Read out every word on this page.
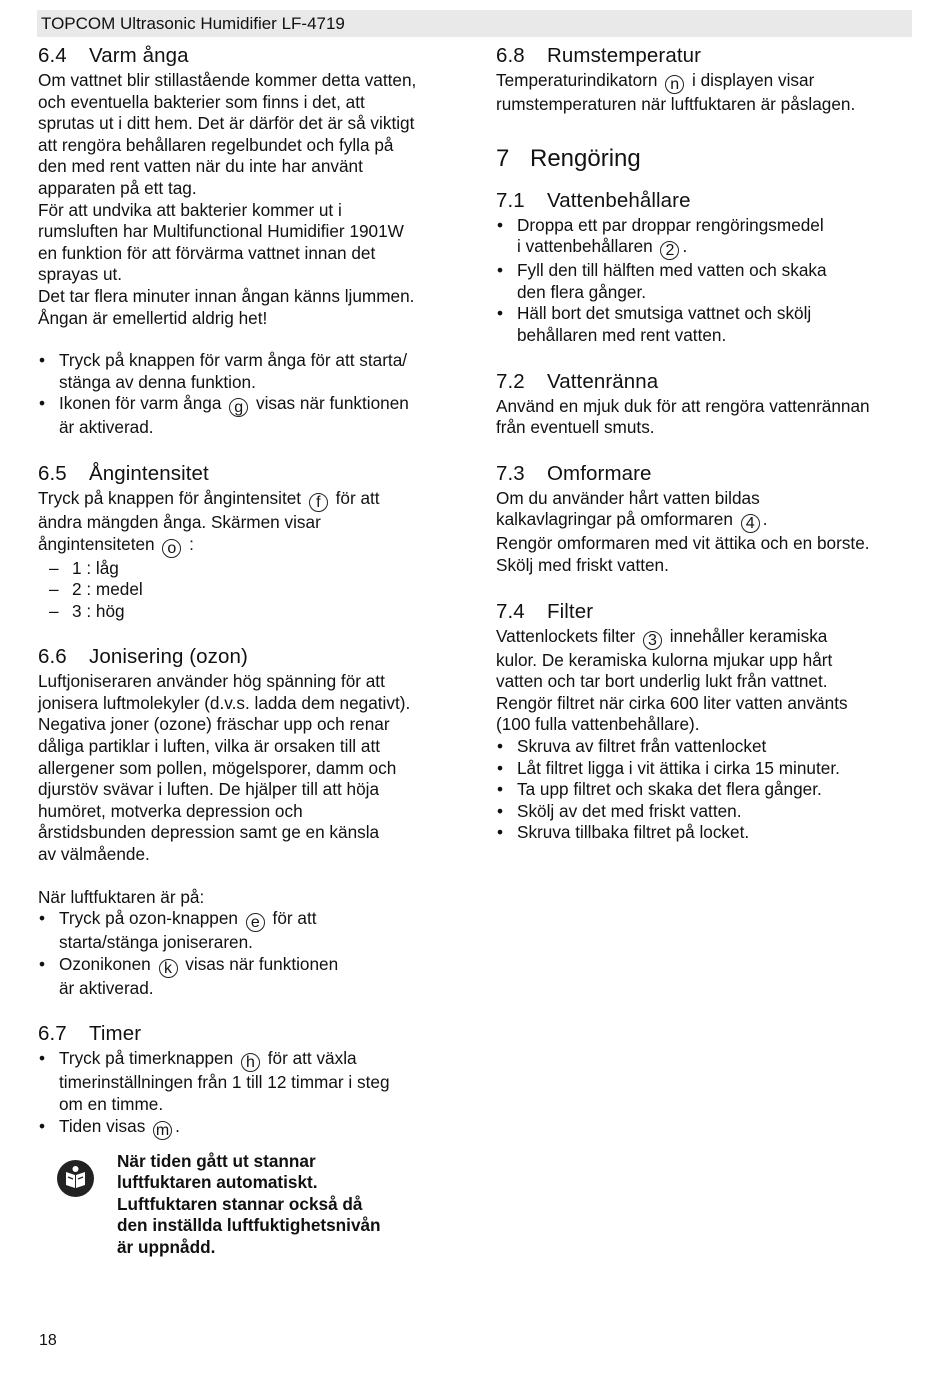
TOPCOM Ultrasonic Humidifier LF-4719
6.4 Varm ånga

Om vattnet blir stillastående kommer detta vatten,

och eventuella bakterier som finns i det, att

sprutas ut i ditt hem. Det är därför det är så viktigt

att rengöra behållaren regelbundet och fylla på

den med rent vatten när du inte har använt

apparaten på ett tag.

För att undvika att bakterier kommer ut i

rumsluften har Multifunctional Humidifier 1901W

en funktion för att förvärma vattnet innan det

sprayas ut.

Det tar flera minuter innan ångan känns ljummen.

Ångan är emellertid aldrig het!

• Tryck på knappen för varm ånga för att starta/
stänga av denna funktion.
• Ikonen för varm ånga g visas när funktionen
är aktiverad.
6.5 Ångintensitet

Tryck på knappen för ångintensitet f för att

ändra mängden ånga. Skärmen visar

ångintensiteten o :

– 1 : låg
– 2 : medel
– 3 : hög
6.6 Jonisering (ozon)

Luftjoniseraren använder hög spänning för att

jonisera luftmolekyler (d.v.s. ladda dem negativt).

Negativa joner (ozone) fräschar upp och renar

dåliga partiklar i luften, vilka är orsaken till att

allergener som pollen, mögelsporer, damm och

djurstöv svävar i luften. De hjälper till att höja

humöret, motverka depression och

årstidsbunden depression samt ge en känsla

av välmående.

När luftfuktaren är på:

• Tryck på ozon-knappen e för att
starta/stänga joniseraren.
• Ozonikonen k visas när funktionen
är aktiverad.
6.7 Timer
• Tryck på timerknappen h för att växla
timerinställningen från 1 till 12 timmar i steg
om en timme.
• Tiden visas m .

När tiden gått ut stannar

luftfuktaren automatiskt.

Luftfuktaren stannar också då

den inställda luftfuktighetsnivån

är uppnådd.

6.8 Rumstemperatur

Temperaturindikatorn n i displayen visar

rumstemperaturen när luftfuktaren är påslagen.

7 Rengöring
7.1 Vattenbehållare
• Droppa ett par droppar rengöringsmedel
i vattenbehållaren 2 .
• Fyll den till hälften med vatten och skaka
den flera gånger.
• Häll bort det smutsiga vattnet och skölj
behållaren med rent vatten.
7.2 Vattenränna

Använd en mjuk duk för att rengöra vattenrännan

från eventuell smuts.

7.3 Omformare

Om du använder hårt vatten bildas

kalkavlagringar på omformaren 4 .

Rengör omformaren med vit ättika och en borste.

Skölj med friskt vatten.

7.4 Filter

Vattenlockets filter 3 innehåller keramiska

kulor. De keramiska kulorna mjukar upp hårt

vatten och tar bort underlig lukt från vattnet.

Rengör filtret när cirka 600 liter vatten använts

(100 fulla vattenbehållare).

• Skruva av filtret från vattenlocket
• Låt filtret ligga i vit ättika i cirka 15 minuter.
• Ta upp filtret och skaka det flera gånger.
• Skölj av det med friskt vatten.
• Skruva tillbaka filtret på locket.
18
